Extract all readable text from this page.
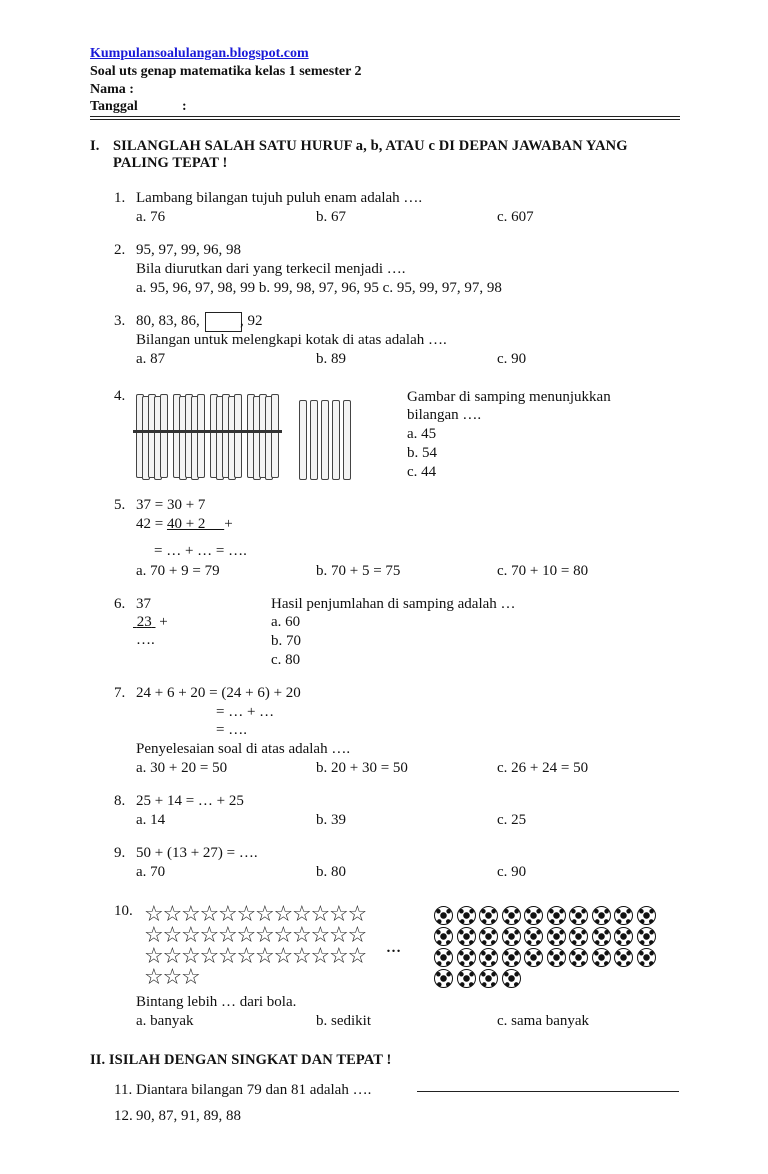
Kumpulansoalulangan.blogspot.com
Soal uts genap matematika kelas 1 semester 2
Nama :
Tanggal	:
I. SILANGLAH SALAH SATU HURUF a, b, ATAU c DI DEPAN JAWABAN YANG
PALING TEPAT !
1. Lambang bilangan tujuh puluh enam adalah ….
a. 76	b. 67	c. 607
2. 95, 97, 99, 96, 98
Bila diurutkan dari yang terkecil menjadi ….
a. 95, 96, 97, 98, 99 b. 99, 98, 97, 96, 95 c. 95, 99, 97, 97, 98
3. 80, 83, 86,	, 92
Bilangan untuk melengkapi kotak di atas adalah ….
a. 87	b. 89	c. 90
4.	Gambar di samping menunjukkan
bilangan ….
a. 45
b. 54
c. 44
5. 37 = 30 + 7
42 = 40 + 2     +
= … + … = ….
a. 70 + 9 = 79	b. 70 + 5 = 75	c. 70 + 10 = 80
6. 37
23 +
….
Hasil penjumlahan di samping adalah …
a. 60
b. 70
c. 80
7. 24 + 6 + 20 = (24 + 6) + 20
= … + …
= ….
Penyelesaian soal di atas adalah ….
a. 30 + 20 = 50	b. 20 + 30 = 50	c. 26 + 24 = 50
8. 25 + 14 = … + 25
a. 14	b. 39	c. 25
9. 50 + (13 + 27) = ….
a. 70	b. 80	c. 90
10. ☆
☆
☆
☆
☆
☆
☆
☆
☆
☆
☆
☆
☆
☆
☆
☆
☆
☆
☆
☆
☆
☆
☆
☆
☆
☆
☆
☆
☆
☆
☆
☆
☆
☆
☆
☆
☆
☆
☆
…
Bintang lebih … dari bola.
a. banyak	b. sedikit	c. sama banyak
II. ISILAH DENGAN SINGKAT DAN TEPAT !
11. Diantara bilangan 79 dan 81 adalah ….
12. 90, 87, 91, 89, 88
